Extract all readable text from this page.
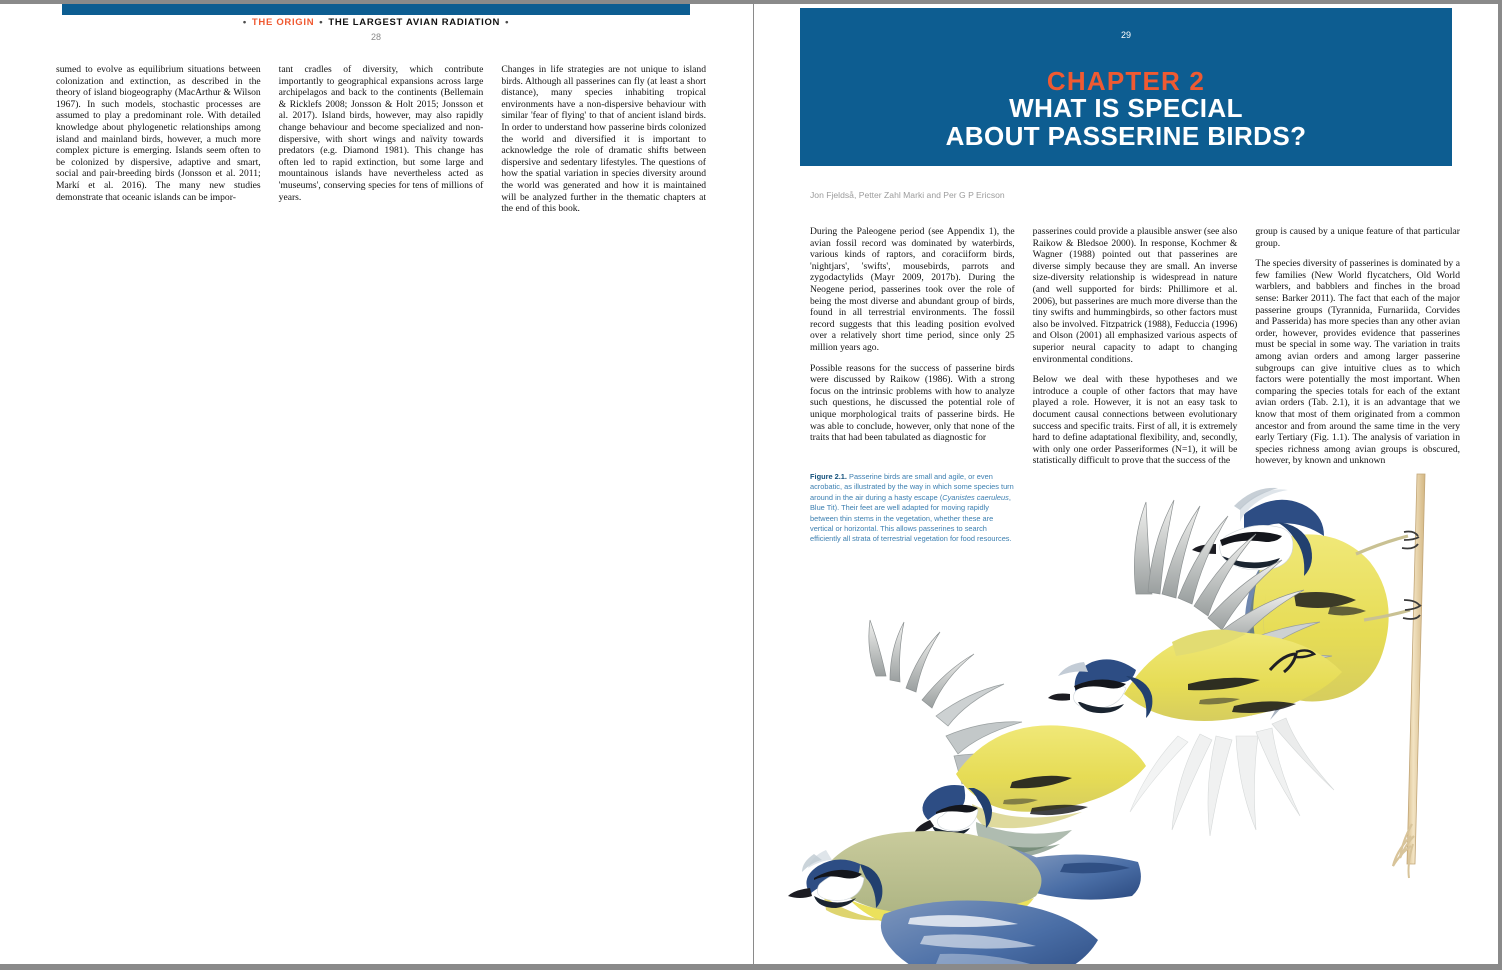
• THE ORIGIN • THE LARGEST AVIAN RADIATION •
28

sumed to evolve as equilibrium situations between colonization and extinction, as described in the theory of island biogeography (MacArthur & Wilson 1967). In such models, stochastic processes are assumed to play a predominant role. With detailed knowledge about phylogenetic relationships among island and mainland birds, however, a much more complex picture is emerging. Islands seem often to be colonized by dispersive, adaptive and smart, social and pair-breeding birds (Jonsson et al. 2011; Markí et al. 2016). The many new studies demonstrate that oceanic islands can be impor-

tant cradles of diversity, which contribute importantly to geographical expansions across large archipelagos and back to the continents (Bellemain & Ricklefs 2008; Jonsson & Holt 2015; Jonsson et al. 2017). Island birds, however, may also rapidly change behaviour and become specialized and non-dispersive, with short wings and naïvity towards predators (e.g. Diamond 1981). This change has often led to rapid extinction, but some large and mountainous islands have nevertheless acted as 'museums', conserving species for tens of millions of years.

Changes in life strategies are not unique to island birds. Although all passerines can fly (at least a short distance), many species inhabiting tropical environments have a non-dispersive behaviour with similar 'fear of flying' to that of ancient island birds. In order to understand how passerine birds colonized the world and diversified it is important to acknowledge the role of dramatic shifts between dispersive and sedentary lifestyles. The questions of how the spatial variation in species diversity around the world was generated and how it is maintained will be analyzed further in the thematic chapters at the end of this book.

29
CHAPTER 2
WHAT IS SPECIAL
ABOUT PASSERINE BIRDS?
Jon Fjeldså, Petter Zahl Marki and Per G P Ericson

During the Paleogene period (see Appendix 1), the avian fossil record was dominated by waterbirds, various kinds of raptors, and coraciiform birds, 'nightjars', 'swifts', mousebirds, parrots and zygodactylids (Mayr 2009, 2017b). During the Neogene period, passerines took over the role of being the most diverse and abundant group of birds, found in all terrestrial environments. The fossil record suggests that this leading position evolved over a relatively short time period, since only 25 million years ago.

Possible reasons for the success of passerine birds were discussed by Raikow (1986). With a strong focus on the intrinsic problems with how to analyze such questions, he discussed the potential role of unique morphological traits of passerine birds. He was able to conclude, however, only that none of the traits that had been tabulated as diagnostic for

passerines could provide a plausible answer (see also Raikow & Bledsoe 2000). In response, Kochmer & Wagner (1988) pointed out that passerines are diverse simply because they are small. An inverse size-diversity relationship is widespread in nature (and well supported for birds: Phillimore et al. 2006), but passerines are much more diverse than the tiny swifts and hummingbirds, so other factors must also be involved. Fitzpatrick (1988), Feduccia (1996) and Olson (2001) all emphasized various aspects of superior neural capacity to adapt to changing environmental conditions.

Below we deal with these hypotheses and we introduce a couple of other factors that may have played a role. However, it is not an easy task to document causal connections between evolutionary success and specific traits. First of all, it is extremely hard to define adaptational flexibility, and, secondly, with only one order Passeriformes (N=1), it will be statistically difficult to prove that the success of the

group is caused by a unique feature of that particular group.

The species diversity of passerines is dominated by a few families (New World flycatchers, Old World warblers, and babblers and finches in the broad sense: Barker 2011). The fact that each of the major passerine groups (Tyrannida, Furnariida, Corvides and Passerida) has more species than any other avian order, however, provides evidence that passerines must be special in some way. The variation in traits among avian orders and among larger passerine subgroups can give intuitive clues as to which factors were potentially the most important. When comparing the species totals for each of the extant avian orders (Tab. 2.1), it is an advantage that we know that most of them originated from a common ancestor and from around the same time in the very early Tertiary (Fig. 1.1). The analysis of variation in species richness among avian groups is obscured, however, by known and unknown

Figure 2.1. Passerine birds are small and agile, or even acrobatic, as illustrated by the way in which some species turn around in the air during a hasty escape (Cyanistes caeruleus, Blue Tit). Their feet are well adapted for moving rapidly between thin stems in the vegetation, whether these are vertical or horizontal. This allows passerines to search efficiently all strata of terrestrial vegetation for food resources.
